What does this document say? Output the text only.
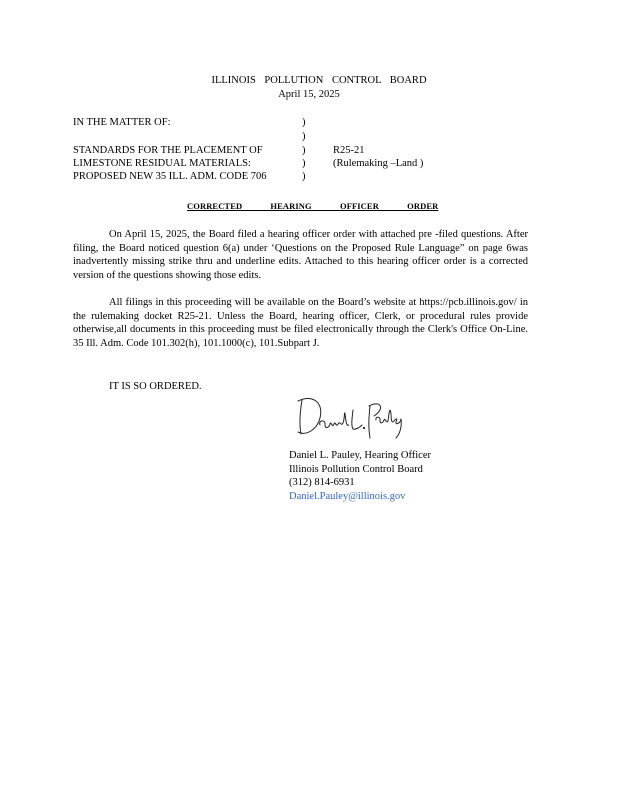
ILLINOIS POLLUTION CONTROL BOARD
April 15, 2025
IN THE MATTER OF:
STANDARDS FOR THE PLACEMENT OF
LIMESTONE RESIDUAL MATERIALS:
PROPOSED NEW 35 ILL. ADM. CODE 706
)
)
)
)
)
R25-21
(Rulemaking –Land )
CORRECTED HEARING OFFICER ORDER
On April 15, 2025, the Board filed a hearing officer order with attached pre -filed questions. After filing, the Board noticed question 6(a) under ‘Questions on the Proposed Rule Language” on page 6was inadvertently missing strike thru and underline edits. Attached to this hearing officer order is a corrected version of the questions showing those edits.
All filings in this proceeding will be available on the Board’s website at https://pcb.illinois.gov/ in the rulemaking docket R25-21. Unless the Board, hearing officer, Clerk, or procedural rules provide otherwise,all documents in this proceeding must be filed electronically through the Clerk's Office On-Line. 35 Ill. Adm. Code 101.302(h), 101.1000(c), 101.Subpart J.
IT IS SO ORDERED.
Daniel L. Pauley, Hearing Officer
Illinois Pollution Control Board
(312) 814-6931
Daniel.Pauley@illinois.gov
